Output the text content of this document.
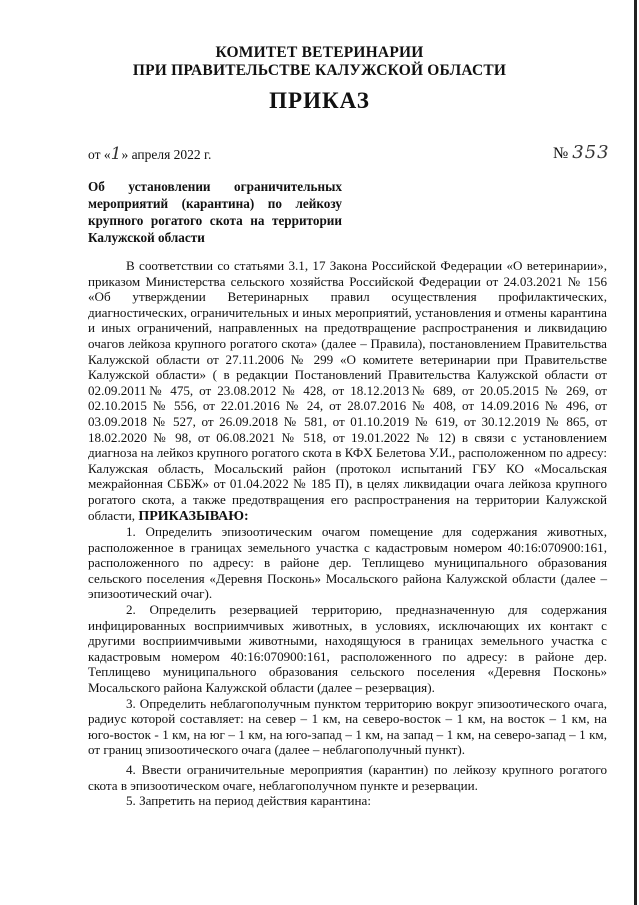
КОМИТЕТ ВЕТЕРИНАРИИ
ПРИ ПРАВИТЕЛЬСТВЕ КАЛУЖСКОЙ ОБЛАСТИ
ПРИКАЗ
от «1» апреля 2022 г.	№ 353
Об установлении ограничительных
мероприятий (карантина) по лейкозу
крупного рогатого скота на территории
Калужской области

В соответствии со статьями 3.1, 17 Закона Российской Федерации «О ветеринарии», приказом Министерства сельского хозяйства Российской Федерации от 24.03.2021 № 156 «Об утверждении Ветеринарных правил осуществления профилактических, диагностических, ограничительных и иных мероприятий, установления и отмены карантина и иных ограничений, направленных на предотвращение распространения и ликвидацию очагов лейкоза крупного рогатого скота» (далее – Правила), постановлением Правительства Калужской области от 27.11.2006 № 299 «О комитете ветеринарии при Правительстве Калужской области» ( в редакции Постановлений Правительства Калужской области от 02.09.2011№ 475, от 23.08.2012 № 428, от 18.12.2013№ 689, от 20.05.2015 № 269, от 02.10.2015 № 556, от 22.01.2016 № 24, от 28.07.2016 № 408, от 14.09.2016 № 496, от 03.09.2018 № 527, от 26.09.2018 № 581, от 01.10.2019 № 619, от 30.12.2019 № 865, от 18.02.2020 № 98, от 06.08.2021 № 518, от 19.01.2022 № 12) в связи с установлением диагноза на лейкоз крупного рогатого скота в КФХ Белетова У.И., расположенном по адресу: Калужская область, Мосальский район (протокол испытаний ГБУ КО «Мосальская межрайонная СББЖ» от 01.04.2022 № 185 П), в целях ликвидации очага лейкоза крупного рогатого скота, а также предотвращения его распространения на территории Калужской области, ПРИКАЗЫВАЮ:

1. Определить эпизоотическим очагом помещение для содержания животных, расположенное в границах земельного участка с кадастровым номером 40:16:070900:161, расположенного по адресу: в районе дер. Теплищево муниципального образования сельского поселения «Деревня Посконь» Мосальского района Калужской области (далее – эпизоотический очаг).

2. Определить резервацией территорию, предназначенную для содержания инфицированных восприимчивых животных, в условиях, исключающих их контакт с другими восприимчивыми животными, находящуюся в границах земельного участка с кадастровым номером 40:16:070900:161, расположенного по адресу: в районе дер. Теплищево муниципального образования сельского поселения «Деревня Посконь» Мосальского района Калужской области (далее – резервация).

3. Определить неблагополучным пунктом территорию вокруг эпизоотического очага, радиус которой составляет: на север – 1 км, на северо-восток – 1 км, на восток – 1 км, на юго-восток - 1 км, на юг – 1 км, на юго-запад – 1 км, на запад – 1 км, на северо-запад – 1 км, от границ эпизоотического очага (далее – неблагополучный пункт).

4. Ввести ограничительные мероприятия (карантин) по лейкозу крупного рогатого скота в эпизоотическом очаге, неблагополучном пункте и резервации.

5. Запретить на период действия карантина:
